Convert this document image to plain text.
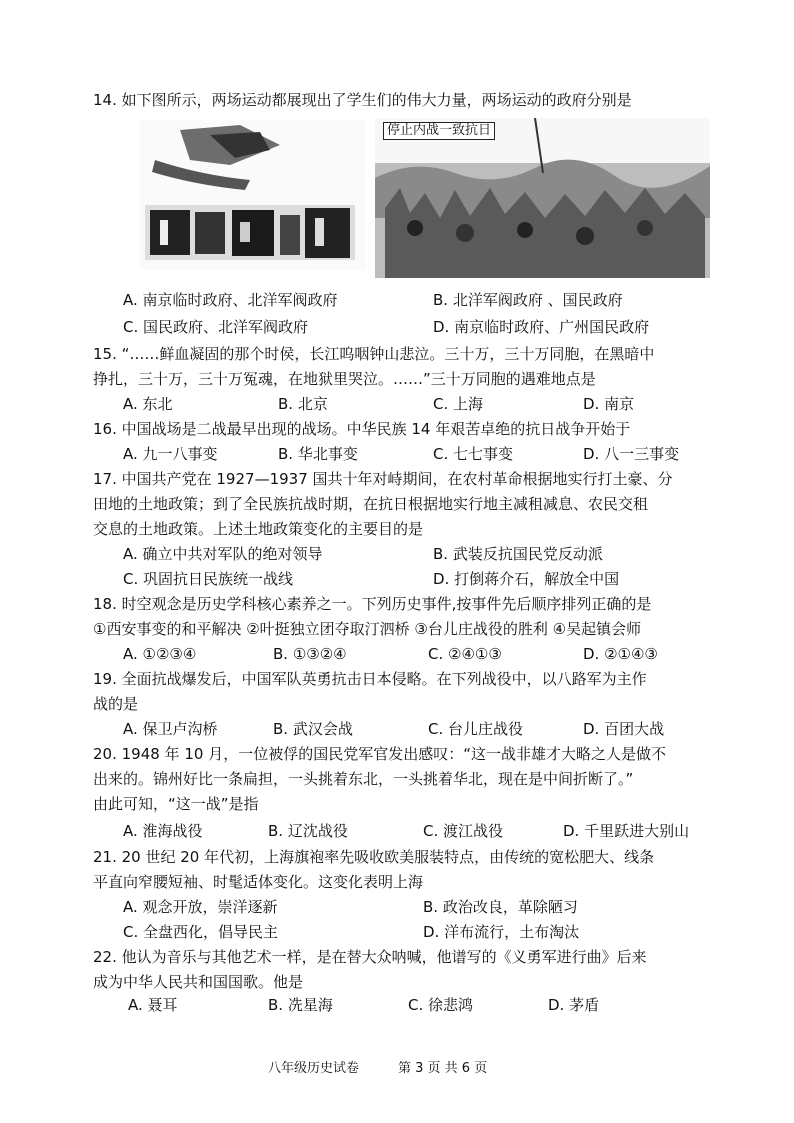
14. 如下图所示，两场运动都展现出了学生们的伟大力量，两场运动的政府分别是
停止内战一致抗日
A. 南京临时政府、北洋军阀政府	B. 北洋军阀政府 、国民政府
C. 国民政府、北洋军阀政府	D. 南京临时政府、广州国民政府
15. “……鲜血凝固的那个时侯，长江呜咽钟山悲泣。三十万，三十万同胞，在黑暗中
挣扎，三十万，三十万冤魂，在地狱里哭泣。……”三十万同胞的遇难地点是
A. 东北	B. 北京	C. 上海	D. 南京
16. 中国战场是二战最早出现的战场。中华民族 14 年艰苦卓绝的抗日战争开始于
A. 九一八事变	B. 华北事变	C. 七七事变	D. 八一三事变
17. 中国共产党在 1927—1937 国共十年对峙期间，在农村革命根据地实行打土豪、分
田地的土地政策；到了全民族抗战时期，在抗日根据地实行地主减租减息、农民交租
交息的土地政策。上述土地政策变化的主要目的是
A. 确立中共对军队的绝对领导	B. 武装反抗国民党反动派
C. 巩固抗日民族统一战线	D. 打倒蒋介石，解放全中国
18. 时空观念是历史学科核心素养之一。下列历史事件,按事件先后顺序排列正确的是
①西安事变的和平解决 ②叶挺独立团夺取汀泗桥 ③台儿庄战役的胜利 ④吴起镇会师
A. ①②③④	B. ①③②④	C. ②④①③	D. ②①④③
19. 全面抗战爆发后，中国军队英勇抗击日本侵略。在下列战役中，以八路军为主作
战的是
A. 保卫卢沟桥	B. 武汉会战	C. 台儿庄战役	D. 百团大战
20. 1948 年 10 月，一位被俘的国民党军官发出感叹：“这一战非雄才大略之人是做不
出来的。锦州好比一条扁担，一头挑着东北，一头挑着华北，现在是中间折断了。”
由此可知，“这一战”是指
A. 淮海战役	B. 辽沈战役	C. 渡江战役	D. 千里跃进大别山
21. 20 世纪 20 年代初，上海旗袍率先吸收欧美服装特点，由传统的宽松肥大、线条
平直向窄腰短袖、时髦适体变化。这变化表明上海
A. 观念开放，崇洋逐新	B. 政治改良，革除陋习
C. 全盘西化，倡导民主	D. 洋布流行，土布淘汰
22. 他认为音乐与其他艺术一样，是在替大众呐喊，他谱写的《义勇军进行曲》后来
成为中华人民共和国国歌。他是
A. 聂耳	B. 冼星海	C. 徐悲鸿	D. 茅盾
八年级历史试卷	第 3 页 共 6 页
